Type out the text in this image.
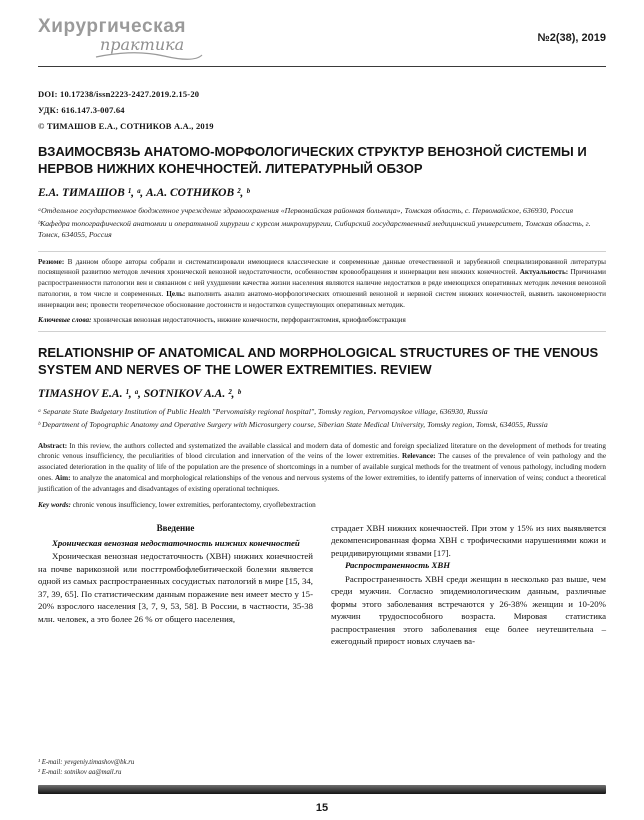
Хирургическая
практика	№2(38), 2019
DOI: 10.17238/issn2223-2427.2019.2.15-20
УДК: 616.147.3-007.64
© ТИМАШОВ Е.А., СОТНИКОВ А.А., 2019
ВЗАИМОСВЯЗЬ АНАТОМО-МОРФОЛОГИЧЕСКИХ СТРУКТУР ВЕНОЗНОЙ СИСТЕМЫ И НЕРВОВ НИЖНИХ КОНЕЧНОСТЕЙ. ЛИТЕРАТУРНЫЙ ОБЗОР
Е.А. ТИМАШОВ ¹, ᵃ, А.А. СОТНИКОВ ², ᵇ
ᵃОтдельное государственное бюджетное учреждение здравоохранения «Первомайская районная больница», Томская область, с. Первомайское, 636930, Россия
ᵇКафедра топографической анатомии и оперативной хирургии с курсом микрохирургии, Сибирский государственный медицинский университет, Томская область, г. Томск, 634055, Россия

Резюме: В данном обзоре авторы собрали и систематизировали имеющиеся классические и современные данные отечественной и зарубежной специализированной литературы посвященной развитию методов лечения хронической венозной недостаточности, особенностям кровообращения и иннервации вен нижних конечностей. Актуальность: Причинами распространенности патологии вен и связанном с ней ухудшении качества жизни населения являются наличие недостатков в ряде имеющихся оперативных методик лечения венозной патологии, в том числе и современных. Цель: выполнить анализ анатомо-морфологических отношений венозной и нервной систем нижних конечностей, выявить закономерности иннервации вен; провести теоретическое обоснование достоинств и недостатков существующих оперативных методик.

Ключевые слова: хроническая венозная недостаточность, нижние конечности, перфорантэктомия, криофлебэкстракция
RELATIONSHIP OF ANATOMICAL AND MORPHOLOGICAL STRUCTURES OF THE VENOUS SYSTEM AND NERVES OF THE LOWER EXTREMITIES. REVIEW
TIMASHOV E.A. ¹, ᵃ, SOTNIKOV A.A. ², ᵇ
ᵃ Separate State Budgetary Institution of Public Health "Pervomaisky regional hospital", Tomsky region, Pervomayskoe village, 636930, Russia
ᵇ Department of Topographic Anatomy and Operative Surgery with Microsurgery course, Siberian State Medical University, Tomsky region, Tomsk, 634055, Russia

Abstract: In this review, the authors collected and systematized the available classical and modern data of domestic and foreign specialized literature on the development of methods for treating chronic venous insufficiency, the peculiarities of blood circulation and innervation of the veins of the lower extremities. Relevance: The causes of the prevalence of vein pathology and the associated deterioration in the quality of life of the population are the presence of shortcomings in a number of available surgical methods for the treatment of venous pathology, including modern ones. Aim: to analyze the anatomical and morphological relationships of the venous and nervous systems of the lower extremities, to identify patterns of innervation of veins; conduct a theoretical justification of the advantages and disadvantages of existing operational techniques.

Key words: chronic venous insufficiency, lower extremities, perforantectomy, cryoflebextraction
Введение
Хроническая венозная недостаточность нижних конечностей

Хроническая венозная недостаточность (ХВН) нижних конечностей на почве варикозной или посттромбофлебитической болезни является одной из самых распространенных сосудистых патологий в мире [15, 34, 37, 39, 65]. По статистическим данным поражение вен имеет место у 15-20% взрослого населения [3, 7, 9, 53, 58]. В России, в частности, 35-38 млн. человек, а это более 26 % от общего населения,

страдает ХВН нижних конечностей. При этом у 15% из них выявляется декомпенсированная форма ХВН с трофическими нарушениями кожи и рецидивирующими язвами [17].

Распространенность ХВН

Распространенность ХВН среди женщин в несколько раз выше, чем среди мужчин. Согласно эпидемиологическим данным, различные формы этого заболевания встречаются у 26-38% женщин и 10-20% мужчин трудоспособного возраста. Мировая статистика распространения этого заболевания еще более неутешительна – ежегодный прирост новых случаев ва-

¹ E-mail: yevgeniy.timashov@bk.ru
² E-mail: sotnikov aa@mail.ru
15
